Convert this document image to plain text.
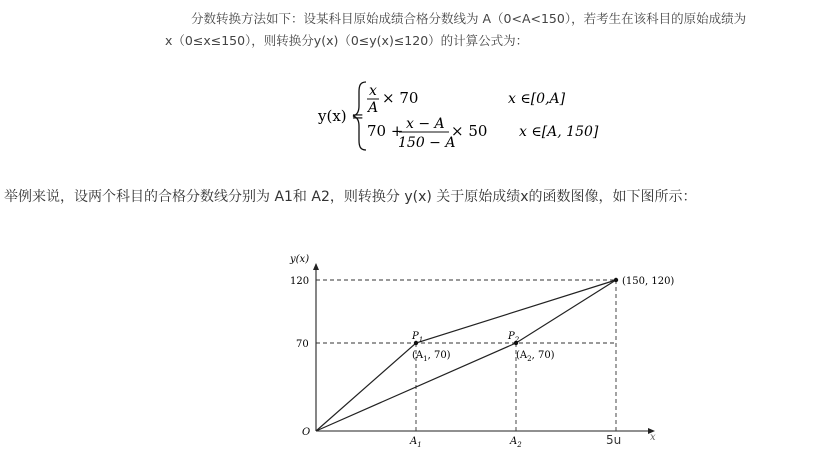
分数转换方法如下：设某科目原始成绩合格分数线为 A（0<A<150），若考生在该科目的原始成绩为
x（0≤x≤150），则转换分y(x)（0≤y(x)≤120）的计算公式为：
y(x) =
x
A
× 70	x ∈[0,A]
70 + x − A
150 − A
× 50 x ∈[A, 150]
举例来说，设两个科目的合格分数线分别为 A1和 A2，则转换分 y(x) 关于原始成绩x的函数图像，如下图所示：
y(x)
x
O
120
70
$A_1$	$A_2$
$P_1$
($A_1$, 70)
$P_2$
($A_2$, 70)
(150, 120)
5u
